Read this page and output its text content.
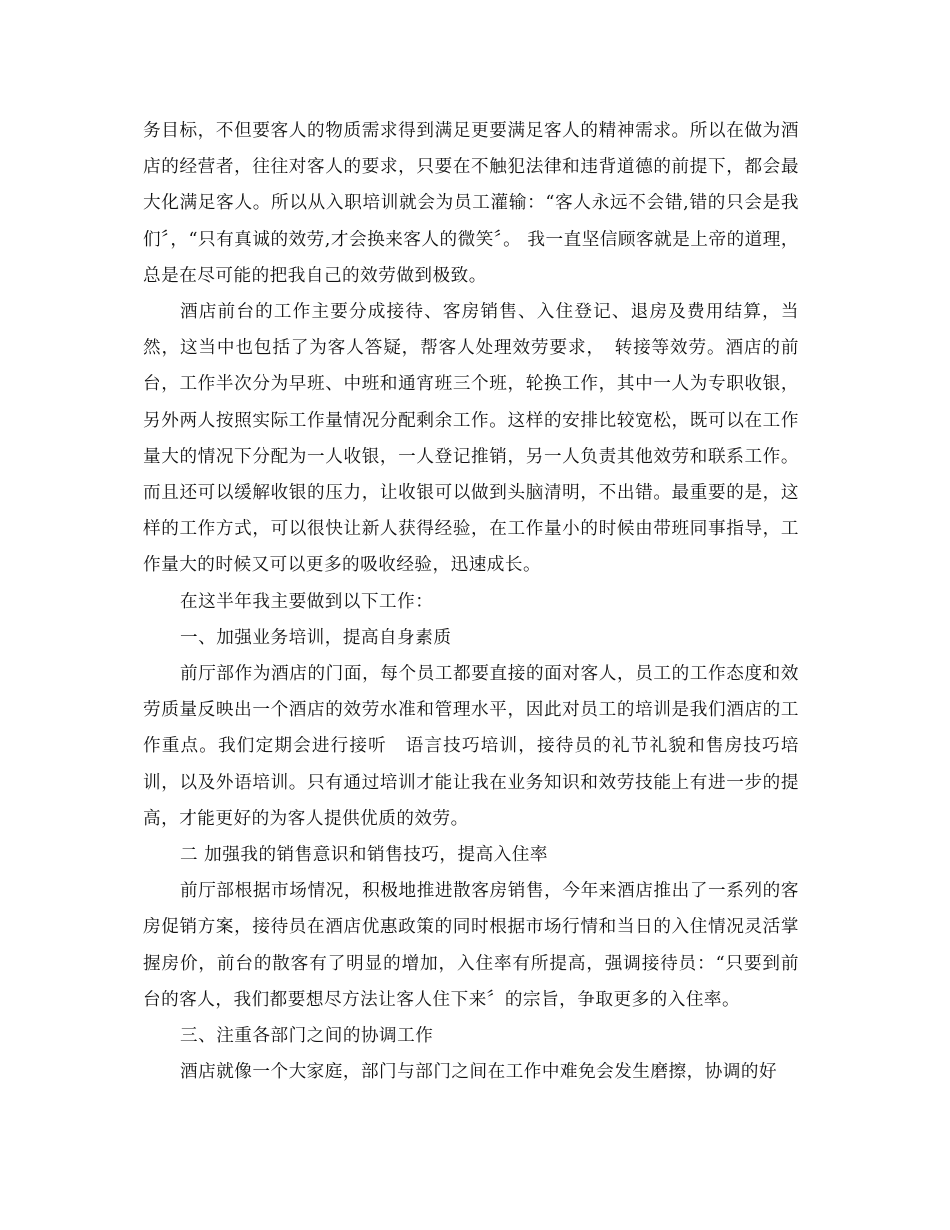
务目标，不但要客人的物质需求得到满足更要满足客人的精神需求。所以在做为酒店的经营者，往往对客人的要求，只要在不触犯法律和违背道德的前提下，都会最大化满足客人。所以从入职培训就会为员工灌输：“客人永远不会错,错的只会是我们〞，“只有真诚的效劳,才会换来客人的微笑〞。 我一直坚信顾客就是上帝的道理，总是在尽可能的把我自己的效劳做到极致。

酒店前台的工作主要分成接待、客房销售、入住登记、退房及费用结算，当然，这当中也包括了为客人答疑，帮客人处理效劳要求，　转接等效劳。酒店的前台，工作半次分为早班、中班和通宵班三个班，轮换工作，其中一人为专职收银，另外两人按照实际工作量情况分配剩余工作。这样的安排比较宽松，既可以在工作量大的情况下分配为一人收银，一人登记推销，另一人负责其他效劳和联系工作。而且还可以缓解收银的压力，让收银可以做到头脑清明，不出错。最重要的是，这样的工作方式，可以很快让新人获得经验，在工作量小的时候由带班同事指导，工作量大的时候又可以更多的吸收经验，迅速成长。

在这半年我主要做到以下工作：

一、加强业务培训，提高自身素质

前厅部作为酒店的门面，每个员工都要直接的面对客人，员工的工作态度和效劳质量反映出一个酒店的效劳水准和管理水平，因此对员工的培训是我们酒店的工作重点。我们定期会进行接听　语言技巧培训，接待员的礼节礼貌和售房技巧培训，以及外语培训。只有通过培训才能让我在业务知识和效劳技能上有进一步的提高，才能更好的为客人提供优质的效劳。

二 加强我的销售意识和销售技巧，提高入住率

前厅部根据市场情况，积极地推进散客房销售，今年来酒店推出了一系列的客房促销方案，接待员在酒店优惠政策的同时根据市场行情和当日的入住情况灵活掌握房价，前台的散客有了明显的增加，入住率有所提高，强调接待员：“只要到前台的客人，我们都要想尽方法让客人住下来〞的宗旨，争取更多的入住率。

三、注重各部门之间的协调工作

酒店就像一个大家庭，部门与部门之间在工作中难免会发生磨擦，协调的好
